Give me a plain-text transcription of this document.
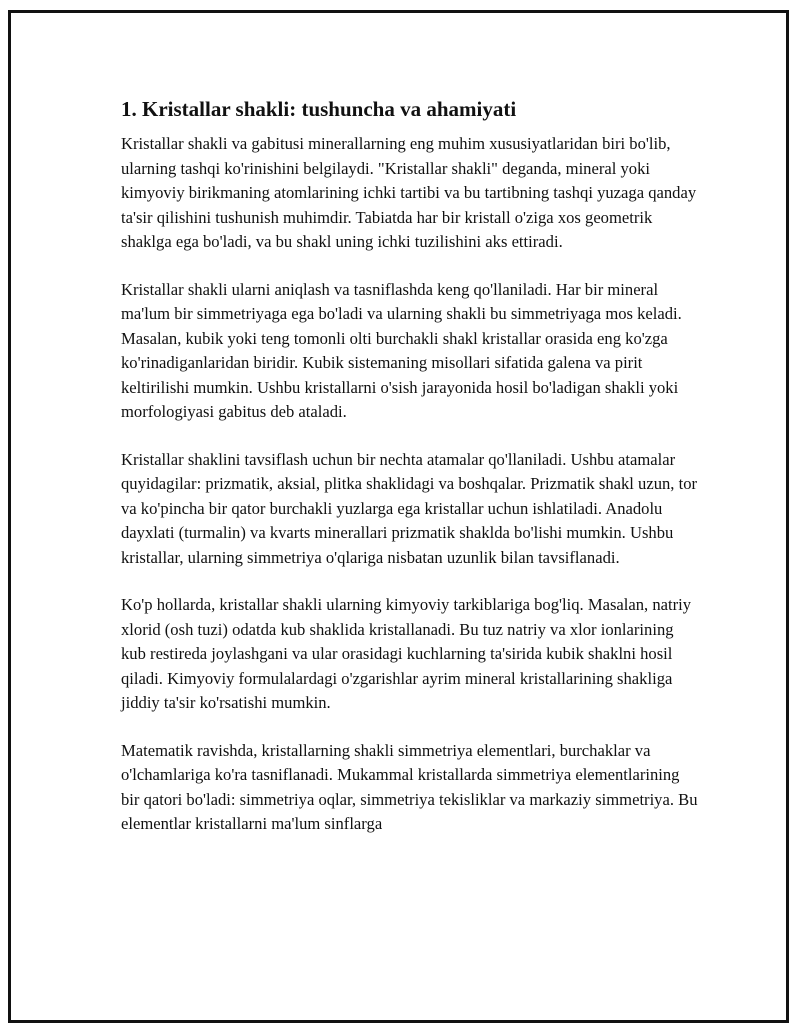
1. Kristallar shakli: tushuncha va ahamiyati

Kristallar shakli va gabitusi minerallarning eng muhim xususiyatlaridan biri bo'lib, ularning tashqi ko'rinishini belgilaydi. "Kristallar shakli" deganda, mineral yoki kimyoviy birikmaning atomlarining ichki tartibi va bu tartibning tashqi yuzaga qanday ta'sir qilishini tushunish muhimdir. Tabiatda har bir kristall o'ziga xos geometrik shaklga ega bo'ladi, va bu shakl uning ichki tuzilishini aks ettiradi.

Kristallar shakli ularni aniqlash va tasniflashda keng qo'llaniladi. Har bir mineral ma'lum bir simmetriyaga ega bo'ladi va ularning shakli bu simmetriyaga mos keladi. Masalan, kubik yoki teng tomonli olti burchakli shakl kristallar orasida eng ko'zga ko'rinadiganlaridan biridir. Kubik sistemaning misollari sifatida galena va pirit keltirilishi mumkin. Ushbu kristallarni o'sish jarayonida hosil bo'ladigan shakli yoki morfologiyasi gabitus deb ataladi.

Kristallar shaklini tavsiflash uchun bir nechta atamalar qo'llaniladi. Ushbu atamalar quyidagilar: prizmatik, aksial, plitka shaklidagi va boshqalar. Prizmatik shakl uzun, tor va ko'pincha bir qator burchakli yuzlarga ega kristallar uchun ishlatiladi. Anadolu dayxlati (turmalin) va kvarts minerallari prizmatik shaklda bo'lishi mumkin. Ushbu kristallar, ularning simmetriya o'qlariga nisbatan uzunlik bilan tavsiflanadi.

Ko'p hollarda, kristallar shakli ularning kimyoviy tarkiblariga bog'liq. Masalan, natriy xlorid (osh tuzi) odatda kub shaklida kristallanadi. Bu tuz natriy va xlor ionlarining kub restireda joylashgani va ular orasidagi kuchlarning ta'sirida kubik shaklni hosil qiladi. Kimyoviy formulalardagi o'zgarishlar ayrim mineral kristallarining shakliga jiddiy ta'sir ko'rsatishi mumkin.

Matematik ravishda, kristallarning shakli simmetriya elementlari, burchaklar va o'lchamlariga ko'ra tasniflanadi. Mukammal kristallarda simmetriya elementlarining bir qatori bo'ladi: simmetriya oqlar, simmetriya tekisliklar va markaziy simmetriya. Bu elementlar kristallarni ma'lum sinflarga
